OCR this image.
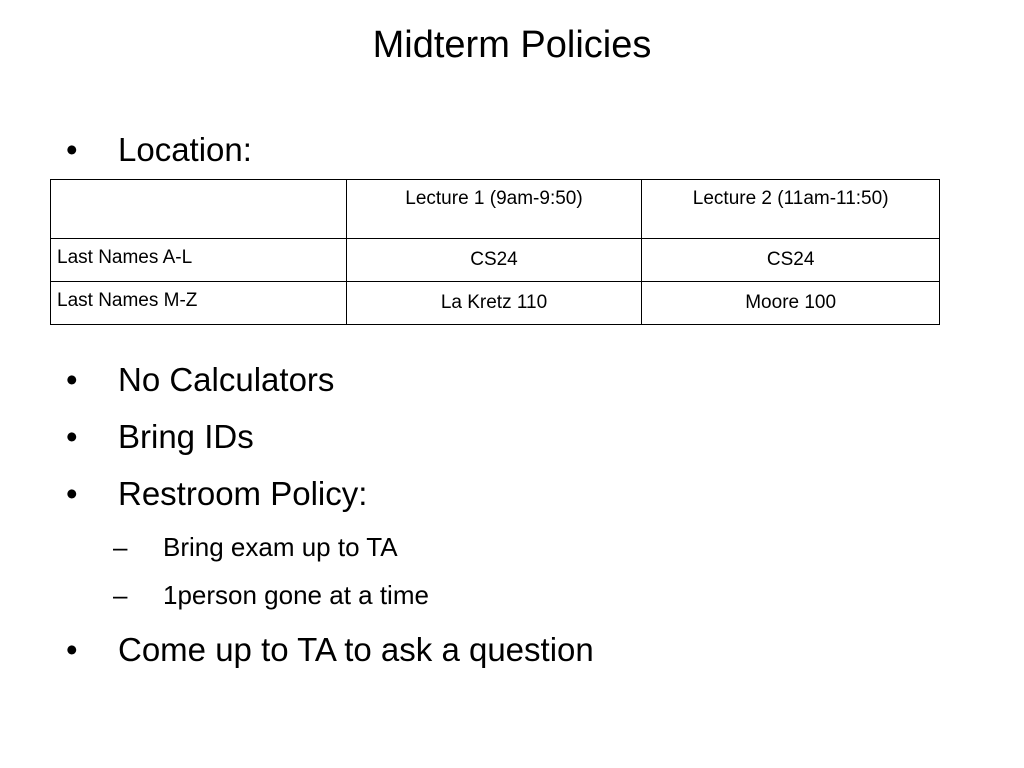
Midterm Policies
• Location:
	Lecture 1 (9am-9:50)	Lecture 2 (11am-11:50)
Last Names A-L	CS24	CS24
Last Names M-Z	La Kretz 110	Moore 100
• No Calculators
• Bring IDs
• Restroom Policy:
– Bring exam up to TA
– 1person gone at a time
• Come up to TA to ask a question
